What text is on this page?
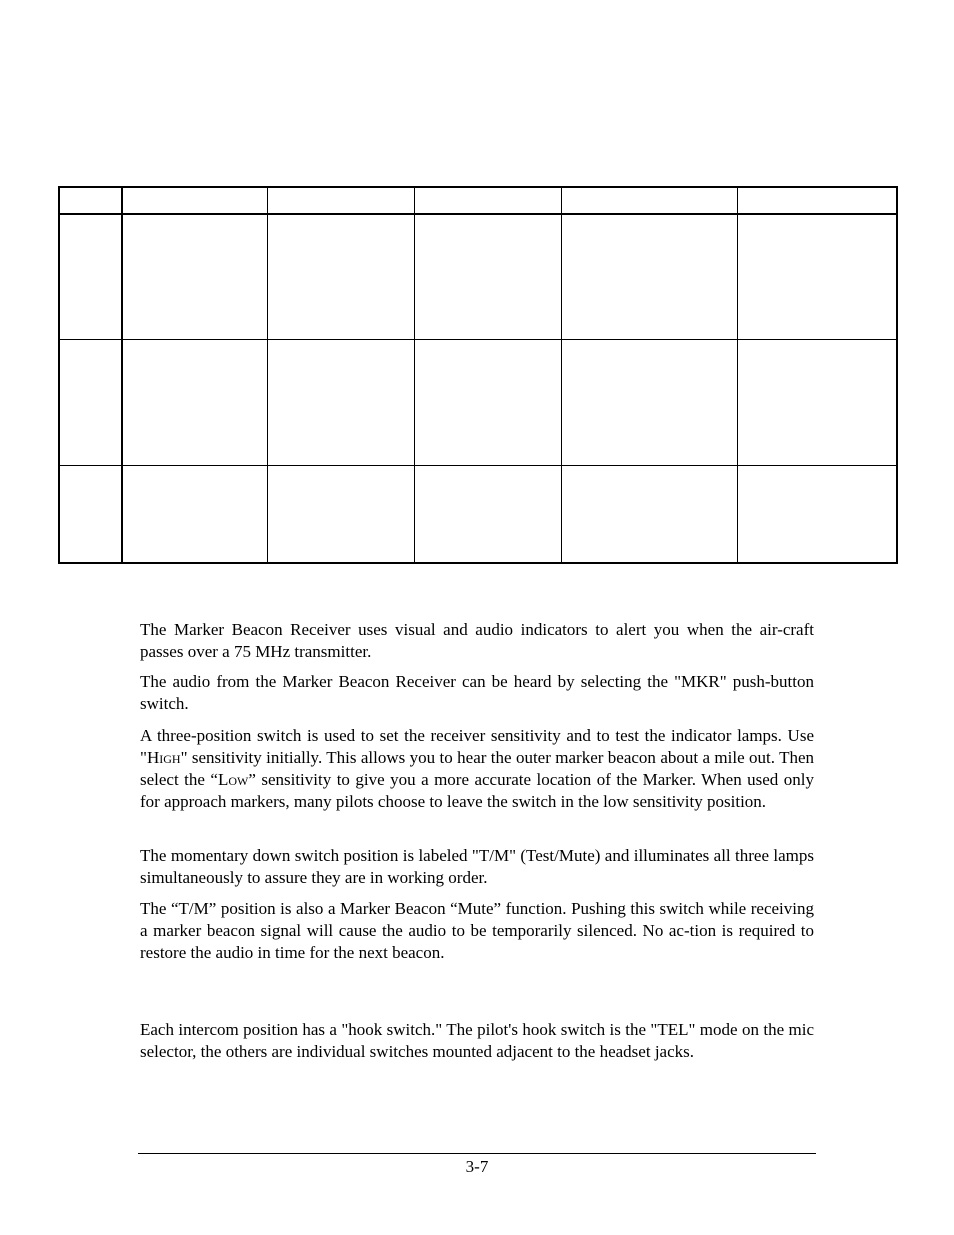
The Marker Beacon Receiver uses visual and audio indicators to alert you when the air-craft passes over a 75 MHz transmitter.

The audio from the Marker Beacon Receiver can be heard by selecting the "MKR" push-button switch.

A three-position switch is used to set the receiver sensitivity and to test the indicator lamps. Use "High" sensitivity initially. This allows you to hear the outer marker beacon about a mile out. Then select the “Low” sensitivity to give you a more accurate location of the Marker. When used only for approach markers, many pilots choose to leave the switch in the low sensitivity position.

The momentary down switch position is labeled "T/M" (Test/Mute) and illuminates all three lamps simultaneously to assure they are in working order.

The “T/M” position is also a Marker Beacon “Mute” function. Pushing this switch while receiving a marker beacon signal will cause the audio to be temporarily silenced. No ac-tion is required to restore the audio in time for the next beacon.

Each intercom position has a "hook switch." The pilot's hook switch is the "TEL" mode on the mic selector, the others are individual switches mounted adjacent to the headset jacks.

3-7
